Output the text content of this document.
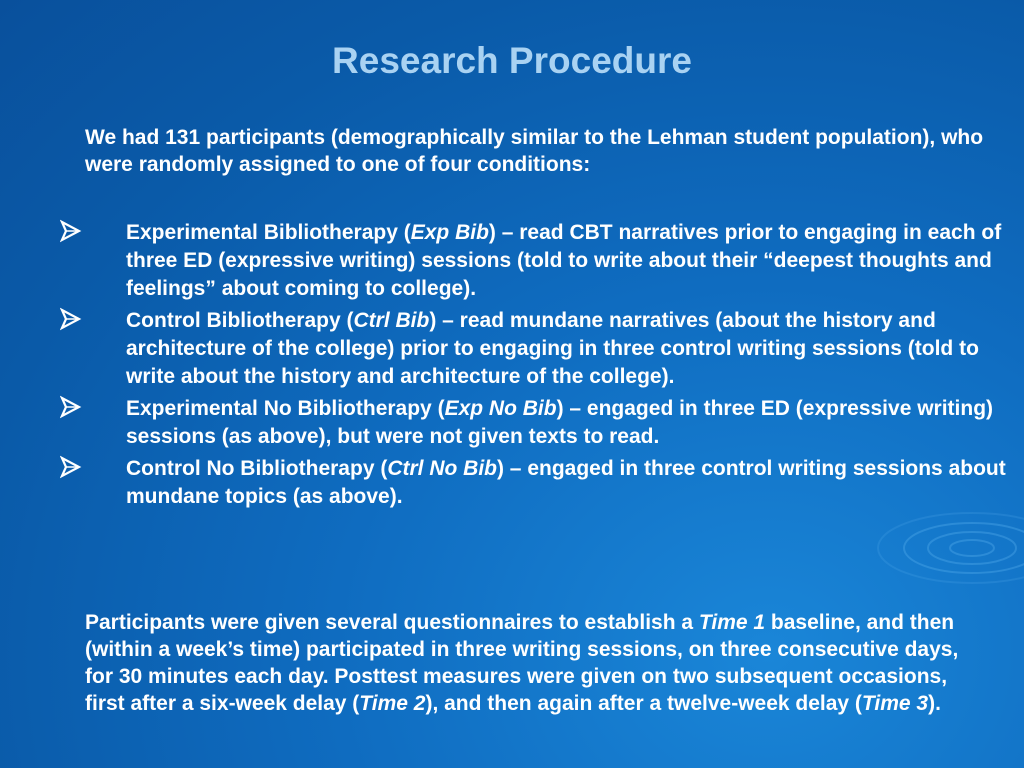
Research Procedure
We had 131 participants (demographically similar to the Lehman student population), who were randomly assigned to one of four conditions:
Experimental Bibliotherapy (Exp Bib) – read CBT narratives prior to engaging in each of three ED (expressive writing) sessions (told to write about their “deepest thoughts and feelings” about coming to college).
Control Bibliotherapy (Ctrl Bib) – read mundane narratives (about the history and architecture of the college) prior to engaging in three control writing sessions (told to write about the history and architecture of the college).
Experimental No Bibliotherapy (Exp No Bib) – engaged in three ED (expressive writing) sessions (as above), but were not given texts to read.
Control No Bibliotherapy (Ctrl No Bib) – engaged in three control writing sessions about mundane topics (as above).
Participants were given several questionnaires to establish a Time 1 baseline, and then (within a week’s time) participated in three writing sessions, on three consecutive days, for 30 minutes each day. Posttest measures were given on two subsequent occasions, first after a six-week delay (Time 2), and then again after a twelve-week delay (Time 3).
